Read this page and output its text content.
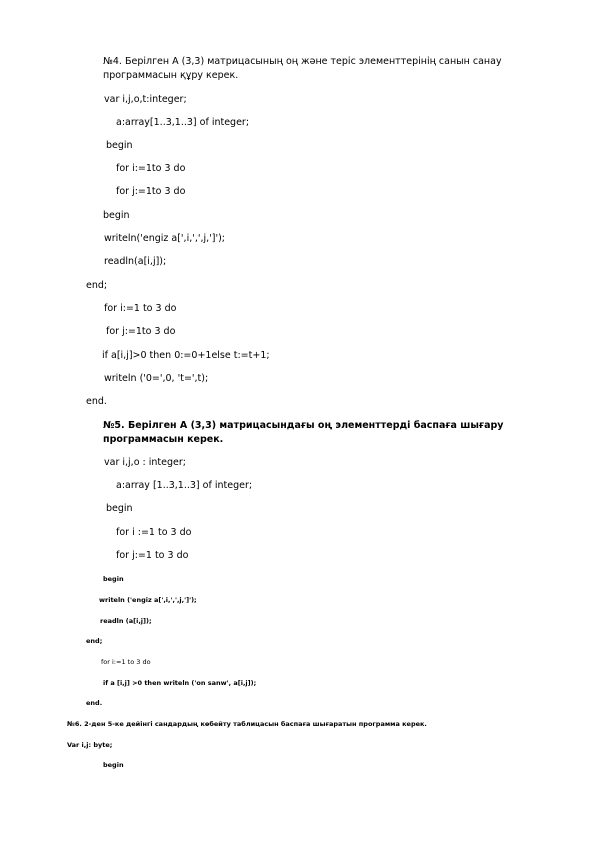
№4. Берілген А (3,3) матрицасының оң және теріс элементтерінің санын санау
программасын құру керек.
var i,j,o,t:integer;
a:array[1..3,1..3] of integer;
begin
for i:=1to 3 do
for j:=1to 3 do
begin
writeln('engiz a[',i,',',j,']');
readln(a[i,j]);
end;
for i:=1 to 3 do
for j:=1to 3 do
if a[i,j]>0 then 0:=0+1else t:=t+1;
writeln ('0=',0, 't=',t);
end.
№5. Берілген А (3,3) матрицасындағы оң элементтерді баспаға шығару
программасын керек.
var i,j,o : integer;
a:array [1..3,1..3] of integer;
begin
for i :=1 to 3 do
for j:=1 to 3 do
begin
writeln ('engiz a[',i,',',j,']');
readln (a[i,j]);
end;
for i:=1 to 3 do
if a [i,j] >0 then writeln ('on sanw', a[i,j]);
end.
№6. 2-ден 5-ке дейінгі сандардың көбейту таблицасын баспаға шығаратын программа керек.
Var i,j: byte;
begin
